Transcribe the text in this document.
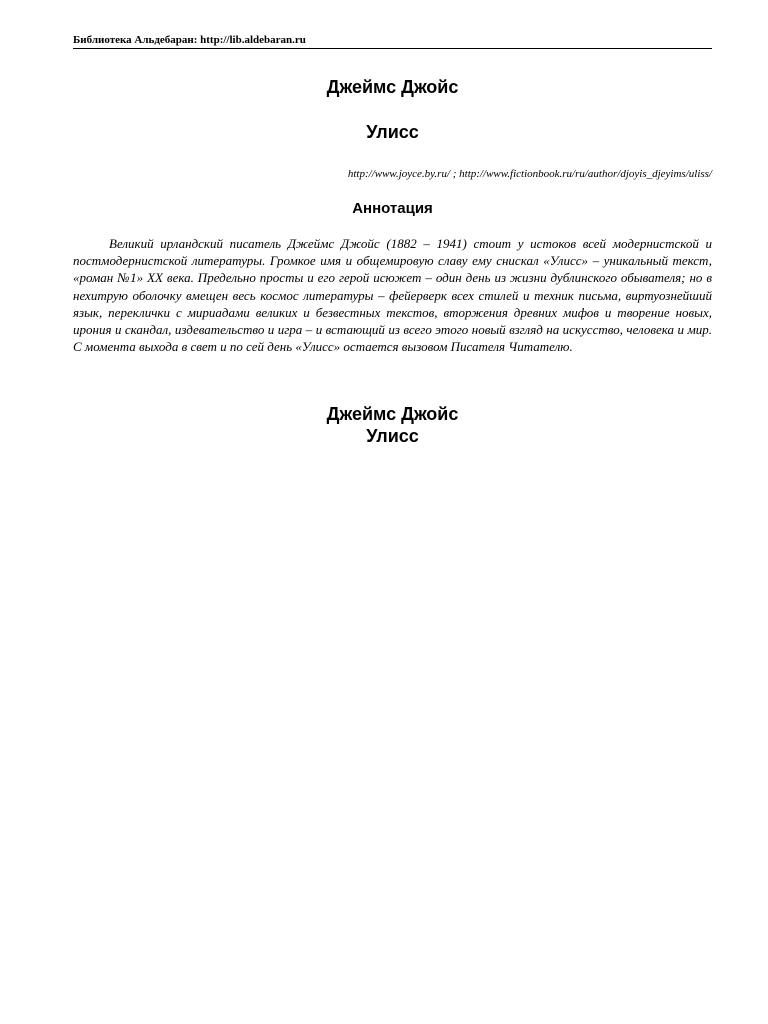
Библиотека Альдебаран: http://lib.aldebaran.ru
Джеймс Джойс
Улисс
http://www.joyce.by.ru/ ; http://www.fictionbook.ru/ru/author/djoyis_djeyims/uliss/
Аннотация

Великий ирландский писатель Джеймс Джойс (1882 – 1941) стоит у истоков всей модернистской и постмодернистской литературы. Громкое имя и общемировую славу ему снискал «Улисс» – уникальный текст, «роман №1» XX века. Предельно просты и его герой исюжет – один день из жизни дублинского обывателя; но в нехитрую оболочку вмещен весь космос литературы – фейерверк всех стилей и техник письма, виртуознейший язык, переклички с мириадами великих и безвестных текстов, вторжения древних мифов и творение новых, ирония и скандал, издевательство и игра – и встающий из всего этого новый взгляд на искусство, человека и мир. С момента выхода в свет и по сей день «Улисс» остается вызовом Писателя Читателю.

Джеймс Джойс
Улисс
